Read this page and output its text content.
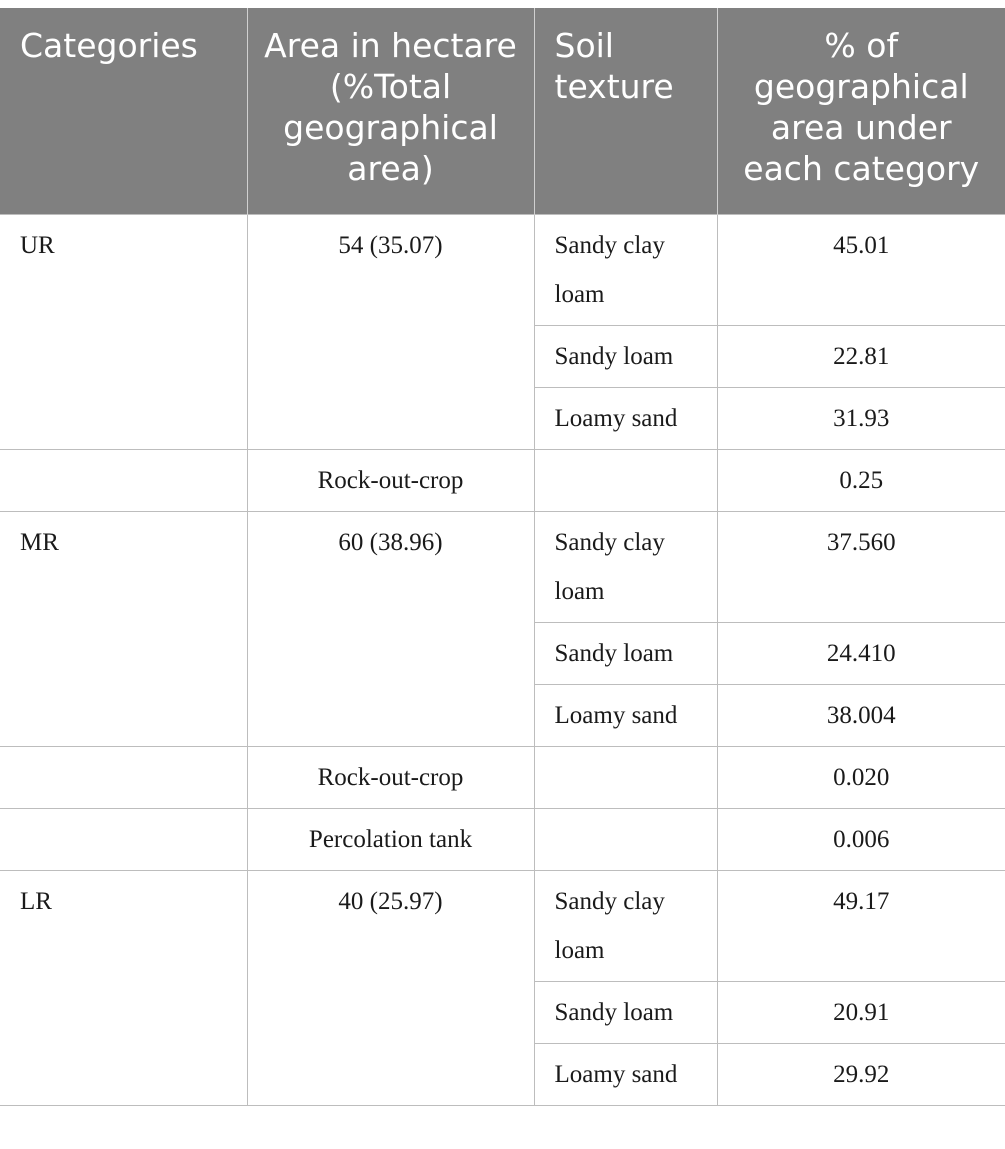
Categories	Area in hectare (%Total geographical area)	Soil texture	% of geographical area under each category
UR	54 (35.07)	Sandy clay loam	45.01
		Sandy loam	22.81
		Loamy sand	31.93
	Rock-out-crop		0.25
MR	60 (38.96)	Sandy clay loam	37.560
		Sandy loam	24.410
		Loamy sand	38.004
	Rock-out-crop		0.020
	Percolation tank		0.006
LR	40 (25.97)	Sandy clay loam	49.17
		Sandy loam	20.91
		Loamy sand	29.92
